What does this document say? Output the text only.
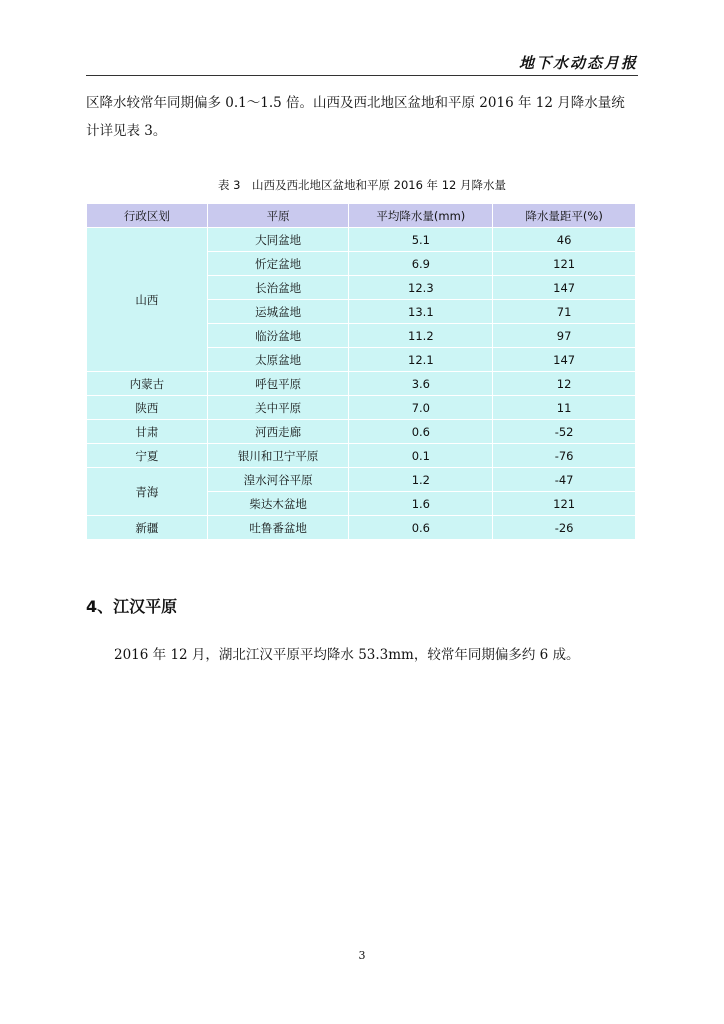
地下水动态月报

区降水较常年同期偏多 0.1～1.5 倍。山西及西北地区盆地和平原 2016 年 12 月降水量统计详见表 3。

表 3　山西及西北地区盆地和平原 2016 年 12 月降水量
行政区划	平原	平均降水量(mm)	降水量距平(%)
山西	大同盆地	5.1	46
	忻定盆地	6.9	121
	长治盆地	12.3	147
	运城盆地	13.1	71
	临汾盆地	11.2	97
	太原盆地	12.1	147
内蒙古	呼包平原	3.6	12
陕西	关中平原	7.0	11
甘肃	河西走廊	0.6	-52
宁夏	银川和卫宁平原	0.1	-76
青海	湟水河谷平原	1.2	-47
	柴达木盆地	1.6	121
新疆	吐鲁番盆地	0.6	-26
4、江汉平原

2016 年 12 月，湖北江汉平原平均降水 53.3mm，较常年同期偏多约 6 成。

3
